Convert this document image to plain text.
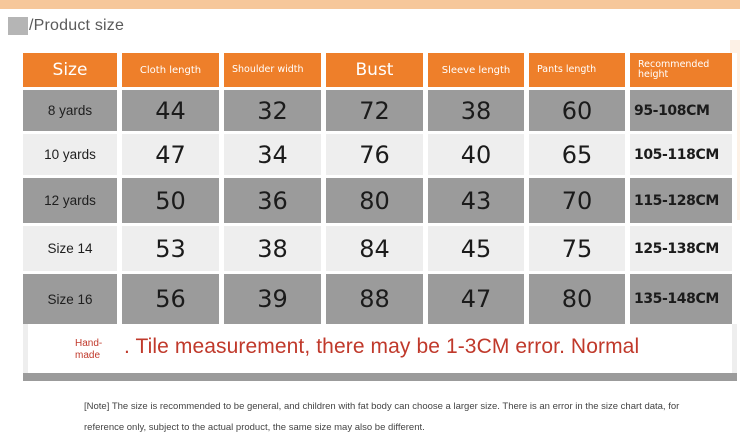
/Product size
Size	Cloth length	Shoulder width	Bust	Sleeve length	Pants length	Recommended height
8 yards	44	32	72	38	60	95-108CM
10 yards	47	34	76	40	65	105-118CM
12 yards	50	36	80	43	70	115-128CM
Size 14	53	38	84	45	75	125-138CM
Size 16	56	39	88	47	80	135-148CM
Hand-made	. Tile measurement, there may be 1-3CM error. Normal
[Note] The size is recommended to be general, and children with fat body can choose a larger size. There is an error in the size chart data, for reference only, subject to the actual product, the same size may also be different.
